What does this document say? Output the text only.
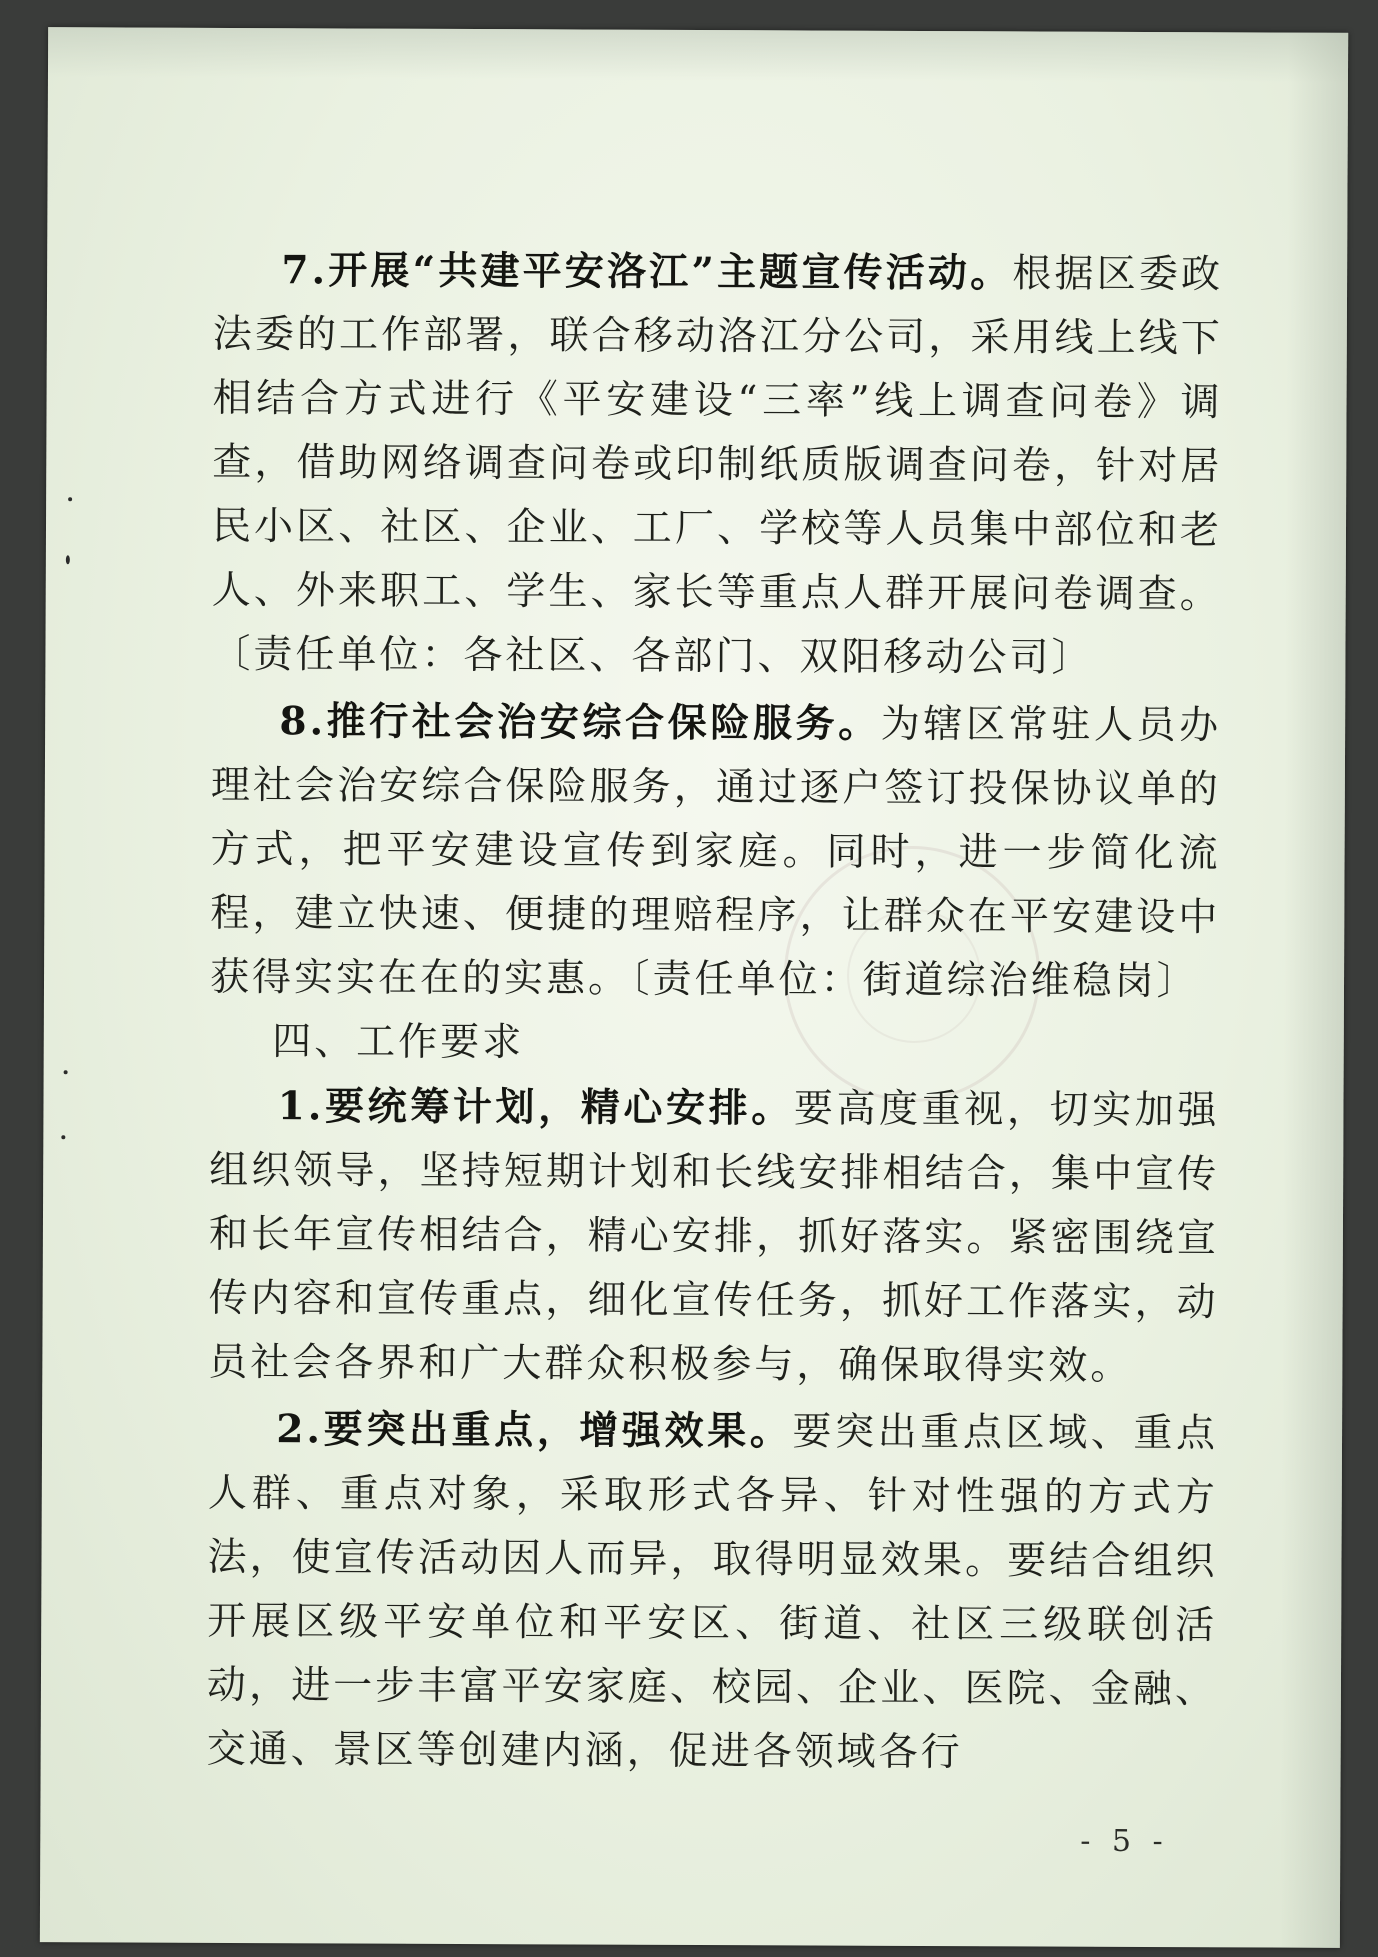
7.开展“共建平安洛江”主题宣传活动。根据区委政法委的工作部署，联合移动洛江分公司，采用线上线下相结合方式进行《平安建设“三率”线上调查问卷》调查，借助网络调查问卷或印制纸质版调查问卷，针对居民小区、社区、企业、工厂、学校等人员集中部位和老人、外来职工、学生、家长等重点人群开展问卷调查。〔责任单位：各社区、各部门、双阳移动公司〕

8.推行社会治安综合保险服务。为辖区常驻人员办理社会治安综合保险服务，通过逐户签订投保协议单的方式，把平安建设宣传到家庭。同时，进一步简化流程，建立快速、便捷的理赔程序，让群众在平安建设中获得实实在在的实惠。〔责任单位：街道综治维稳岗〕

四、工作要求

1.要统筹计划，精心安排。要高度重视，切实加强组织领导，坚持短期计划和长线安排相结合，集中宣传和长年宣传相结合，精心安排，抓好落实。紧密围绕宣传内容和宣传重点，细化宣传任务，抓好工作落实，动员社会各界和广大群众积极参与，确保取得实效。

2.要突出重点，增强效果。要突出重点区域、重点人群、重点对象，采取形式各异、针对性强的方式方法，使宣传活动因人而异，取得明显效果。要结合组织开展区级平安单位和平安区、街道、社区三级联创活动，进一步丰富平安家庭、校园、企业、医院、金融、交通、景区等创建内涵，促进各领域各行

- 5 -
